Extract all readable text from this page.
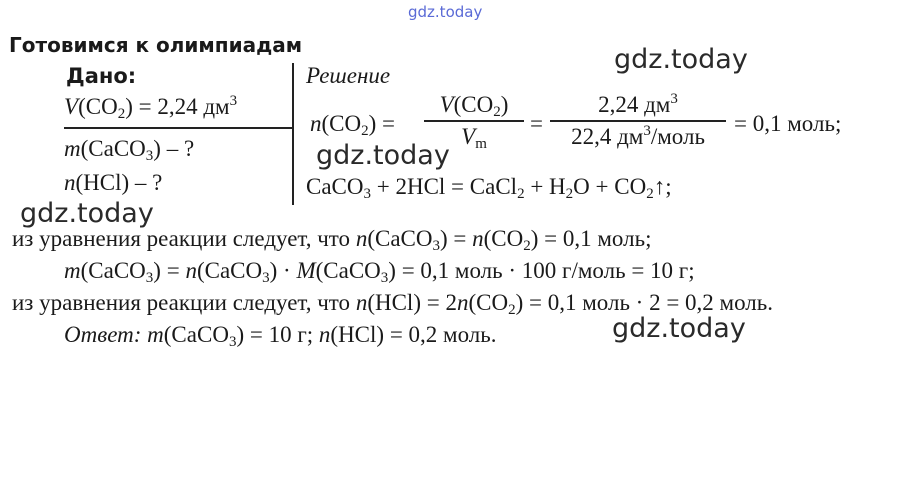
gdz.today
gdz.today
gdz.today
gdz.today
gdz.today
Готовимся к олимпиадам
Дано:
$V(CO_2) = 2,24$ $дм^3$
m(CaCO$_3$) – ?
n(HCl) – ?
Решение
$n(CO_2)$ =
$V(CO_2)$
$V_m$
=
2,24 $дм^3$
22,4 $дм^3$/моль
= 0,1 моль;
CaCO$_3$ + 2HCl = CaCl$_2$ + $H_2O$ + $CO_2↑$;
из уравнения реакции следует, что n(CaCO$_3$) = $n(CO_2) = 0,1$ моль;
m(CaCO$_3$) = n(CaCO$_3$) · M(CaCO$_3$) = 0,1 моль · 100 г/моль = 10 г;
из уравнения реакции следует, что $n(HCl) = 2n(CO_2) = 0,1$ моль · 2 = 0,2 моль.
Ответ: m(CaCO$_3$) = 10 г; n(HCl) = 0,2 моль.
